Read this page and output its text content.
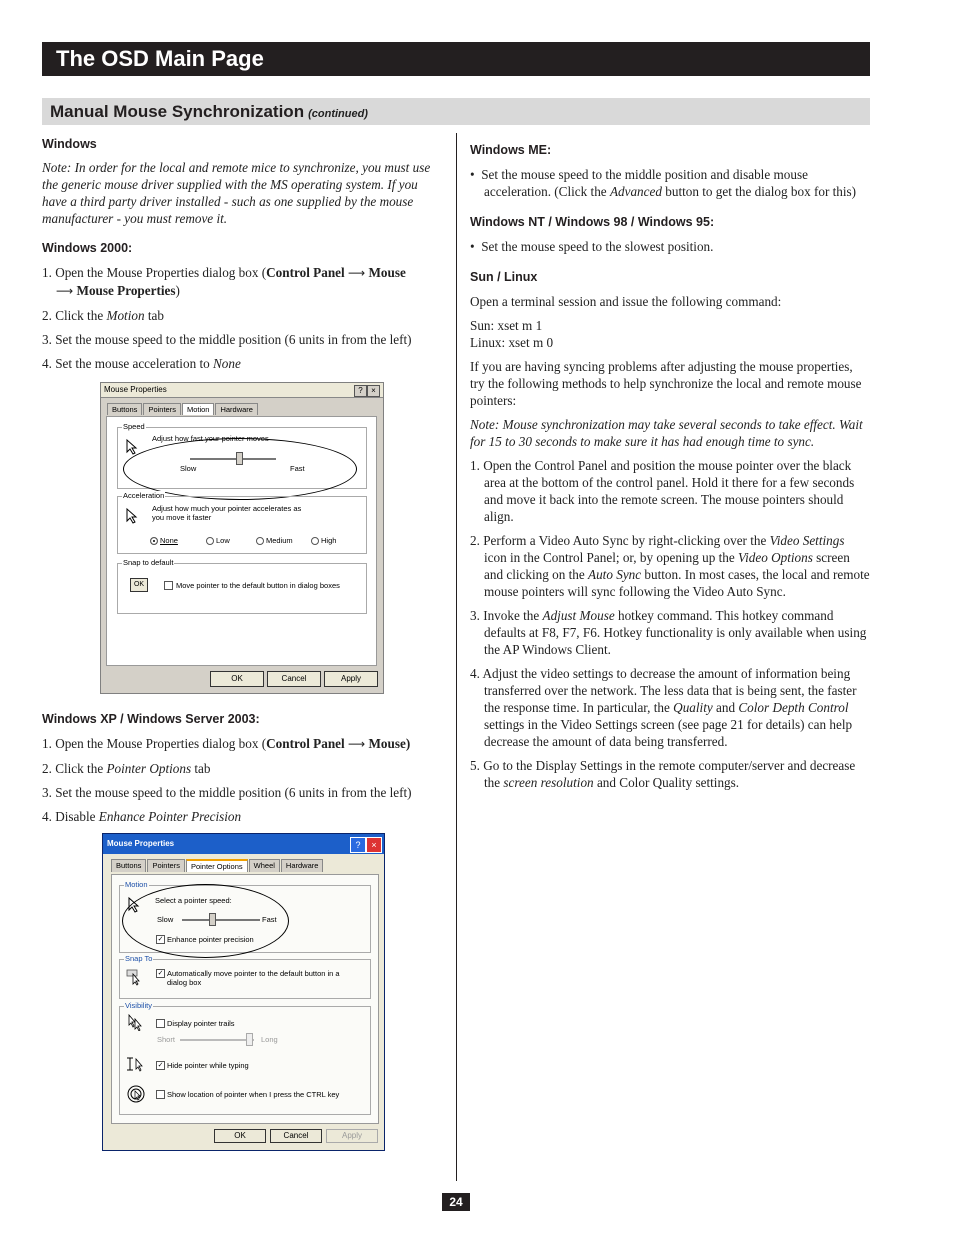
The OSD Main Page
Manual Mouse Synchronization (continued)
Windows

Note: In order for the local and remote mice to synchronize, you must use the generic mouse driver supplied with the MS operating system. If you have a third party driver installed - such as one supplied by the mouse manufacturer - you must remove it.

Windows 2000:

1. Open the Mouse Properties dialog box (Control Panel ⟶ Mouse
⟶ Mouse Properties)

2. Click the Motion tab

3. Set the mouse speed to the middle position (6 units in from the left)

4. Set the mouse acceleration to None

Windows XP / Windows Server 2003:

1. Open the Mouse Properties dialog box (Control Panel ⟶ Mouse)

2. Click the Pointer Options tab

3. Set the mouse speed to the middle position (6 units in from the left)

4. Disable Enhance Pointer Precision

Mouse Properties	?	×
Buttons	Pointers	Motion	Hardware
Speed
Adjust how fast your pointer moves
Slow	Fast
Acceleration
Adjust how much your pointer accelerates as
you move it faster
None	Low	Medium	High
Snap to default
OK	Move pointer to the default button in dialog boxes
OK	Cancel	Apply
Mouse Properties	?	×
Buttons	Pointers	Pointer Options	Wheel	Hardware
Motion
Select a pointer speed:
Slow	Fast
✓ Enhance pointer precision
Snap To
✓ Automatically move pointer to the default button in a
dialog box
Visibility
Display pointer trails
Short	Long
✓ Hide pointer while typing
Show location of pointer when I press the CTRL key
OK	Cancel	Apply
Windows ME:

• Set the mouse speed to the middle position and disable mouse acceleration. (Click the Advanced button to get the dialog box for this)

Windows NT / Windows 98 / Windows 95:

• Set the mouse speed to the slowest position.

Sun / Linux

Open a terminal session and issue the following command:

Sun: xset m 1

Linux: xset m 0

If you are having syncing problems after adjusting the mouse properties, try the following methods to help synchronize the local and remote mouse pointers:

Note: Mouse synchronization may take several seconds to take effect. Wait for 15 to 30 seconds to make sure it has had enough time to sync.

1. Open the Control Panel and position the mouse pointer over the black area at the bottom of the control panel. Hold it there for a few seconds and move it back into the remote screen. The mouse pointers should align.

2. Perform a Video Auto Sync by right-clicking over the Video Settings icon in the Control Panel; or, by opening up the Video Options screen and clicking on the Auto Sync button. In most cases, the local and remote mouse pointers will sync following the Video Auto Sync.

3. Invoke the Adjust Mouse hotkey command. This hotkey command defaults at F8, F7, F6. Hotkey functionality is only available when using the AP Windows Client.

4. Adjust the video settings to decrease the amount of information being transferred over the network. The less data that is being sent, the faster the response time. In particular, the Quality and Color Depth Control settings in the Video Settings screen (see page 21 for details) can help decrease the amount of data being transferred.

5. Go to the Display Settings in the remote computer/server and decrease the screen resolution and Color Quality settings.

24
